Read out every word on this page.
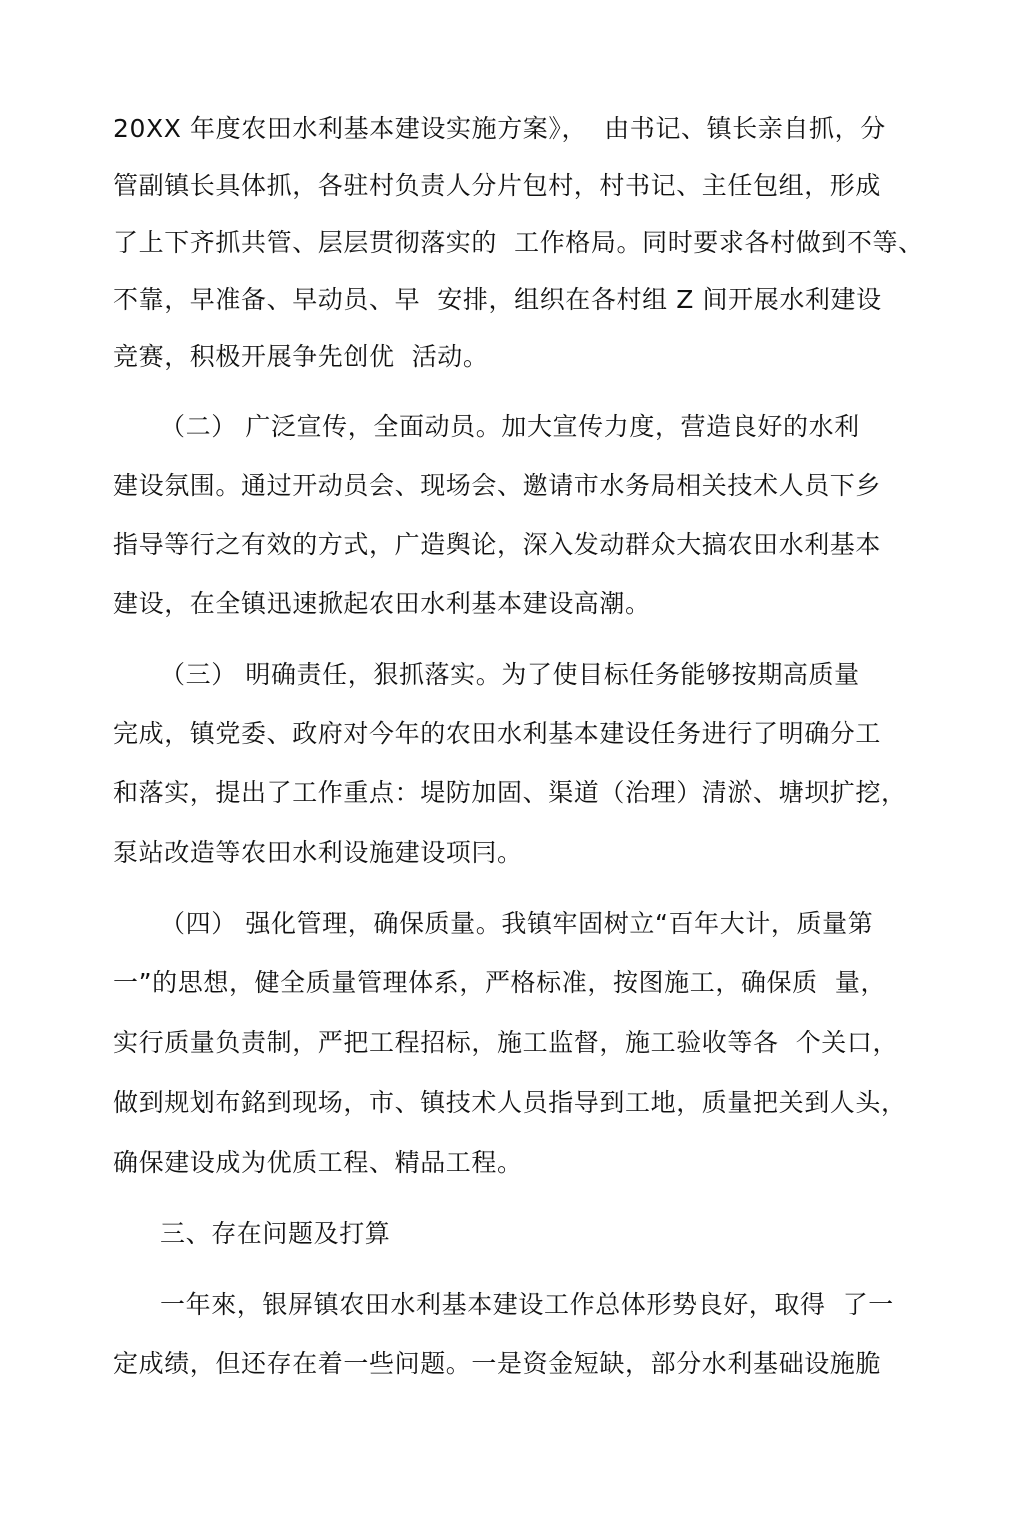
20XX 年度农田水利基本建设实施方案》，  由书记、镇长亲自抓，分
管副镇长具体抓，各驻村负责人分片包村，村书记、主任包组，形成
了上下齐抓共管、层层贯彻落实的  工作格局。同时要求各村做到不等、
不靠，早准备、早动员、早  安排，组织在各村组 Z 间开展水利建设
竞赛，积极开展争先创优  活动。
（二） 广泛宣传，全面动员。加大宣传力度，营造良好的水利
建设氛围。通过开动员会、现场会、邀请市水务局相关技术人员下乡
指导等行之有效的方式，广造舆论，深入发动群众大搞农田水利基本
建设，在全镇迅速掀起农田水利基本建设高潮。
（三） 明确责任，狠抓落实。为了使目标任务能够按期高质量
完成，镇党委、政府对今年的农田水利基本建设任务进行了明确分工
和落实，提出了工作重点：堤防加固、渠道（治理）清淤、塘坝扩挖，
泵站改造等农田水利设施建设项冃。
（四） 强化管理，确保质量。我镇牢固树立“百年大计，质量第
一”的思想，健全质量管理体系，严格标准，按图施工，确保质  量，
实行质量负责制，严把工程招标，施工监督，施工验收等各  个关口，
做到规划布銘到现场，市、镇技术人员指导到工地，质量把关到人头，
确保建设成为优质工程、精品工程。
三、存在问题及打算
一年來，银屏镇农田水利基本建设工作总体形势良好，取得  了一
定成绩，但还存在着一些问题。一是资金短缺，部分水利基础设施脆
